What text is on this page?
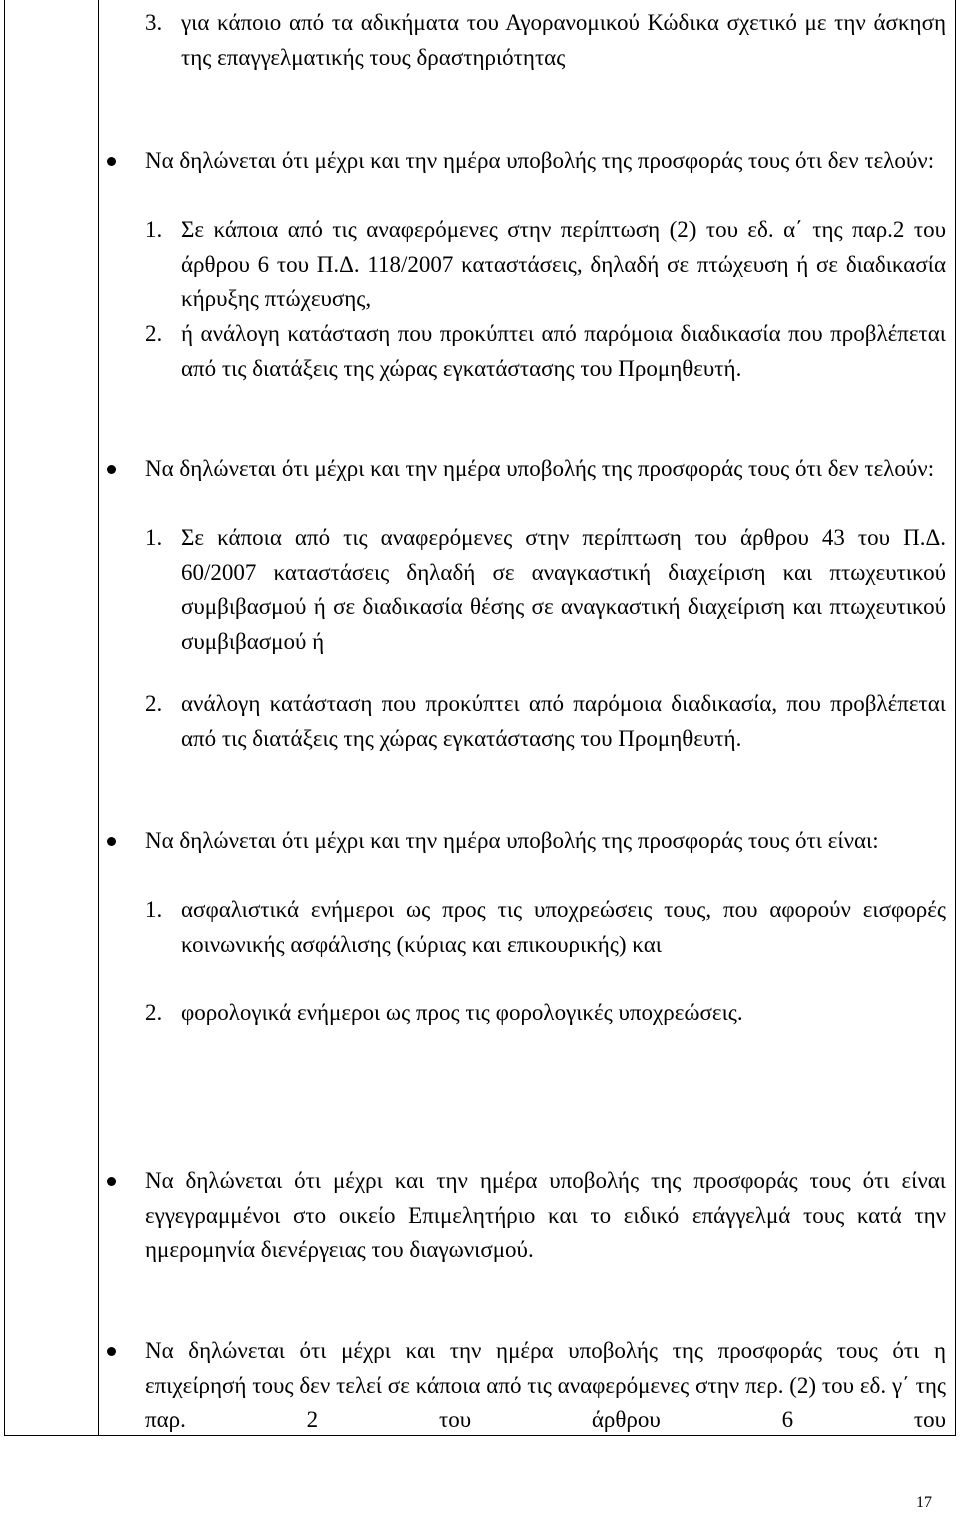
3. για κάποιο από τα αδικήματα του Αγορανομικού Κώδικα σχετικό με την άσκηση της επαγγελματικής τους δραστηριότητας
Να δηλώνεται ότι μέχρι και την ημέρα υποβολής της προσφοράς τους ότι δεν τελούν:
1. Σε κάποια από τις αναφερόμενες στην περίπτωση (2) του εδ. α΄ της παρ.2 του άρθρου 6 του Π.Δ. 118/2007 καταστάσεις, δηλαδή σε πτώχευση ή σε διαδικασία κήρυξης πτώχευσης,
2. ή ανάλογη κατάσταση που προκύπτει από παρόμοια διαδικασία που προβλέπεται από τις διατάξεις της χώρας εγκατάστασης του Προμηθευτή.
Να δηλώνεται ότι μέχρι και την ημέρα υποβολής της προσφοράς τους ότι δεν τελούν:
1. Σε κάποια από τις αναφερόμενες στην περίπτωση του άρθρου 43 του Π.Δ. 60/2007 καταστάσεις δηλαδή σε αναγκαστική διαχείριση και πτωχευτικού συμβιβασμού ή σε διαδικασία θέσης σε αναγκαστική διαχείριση και πτωχευτικού συμβιβασμού ή
2. ανάλογη κατάσταση που προκύπτει από παρόμοια διαδικασία, που προβλέπεται από τις διατάξεις της χώρας εγκατάστασης του Προμηθευτή.
Να δηλώνεται ότι μέχρι και την ημέρα υποβολής της προσφοράς τους ότι είναι:
1. ασφαλιστικά ενήμεροι ως προς τις υποχρεώσεις τους, που αφορούν εισφορές κοινωνικής ασφάλισης (κύριας και επικουρικής) και
2. φορολογικά ενήμεροι ως προς τις φορολογικές υποχρεώσεις.
Να δηλώνεται ότι μέχρι και την ημέρα υποβολής της προσφοράς τους ότι είναι εγγεγραμμένοι στο οικείο Επιμελητήριο και το ειδικό επάγγελμά τους κατά την ημερομηνία διενέργειας του διαγωνισμού.
Να δηλώνεται ότι μέχρι και την ημέρα υποβολής της προσφοράς τους ότι η επιχείρησή τους δεν τελεί σε κάποια από τις αναφερόμενες στην περ. (2) του εδ. γ΄ της παρ. 2 του άρθρου 6 του
17
